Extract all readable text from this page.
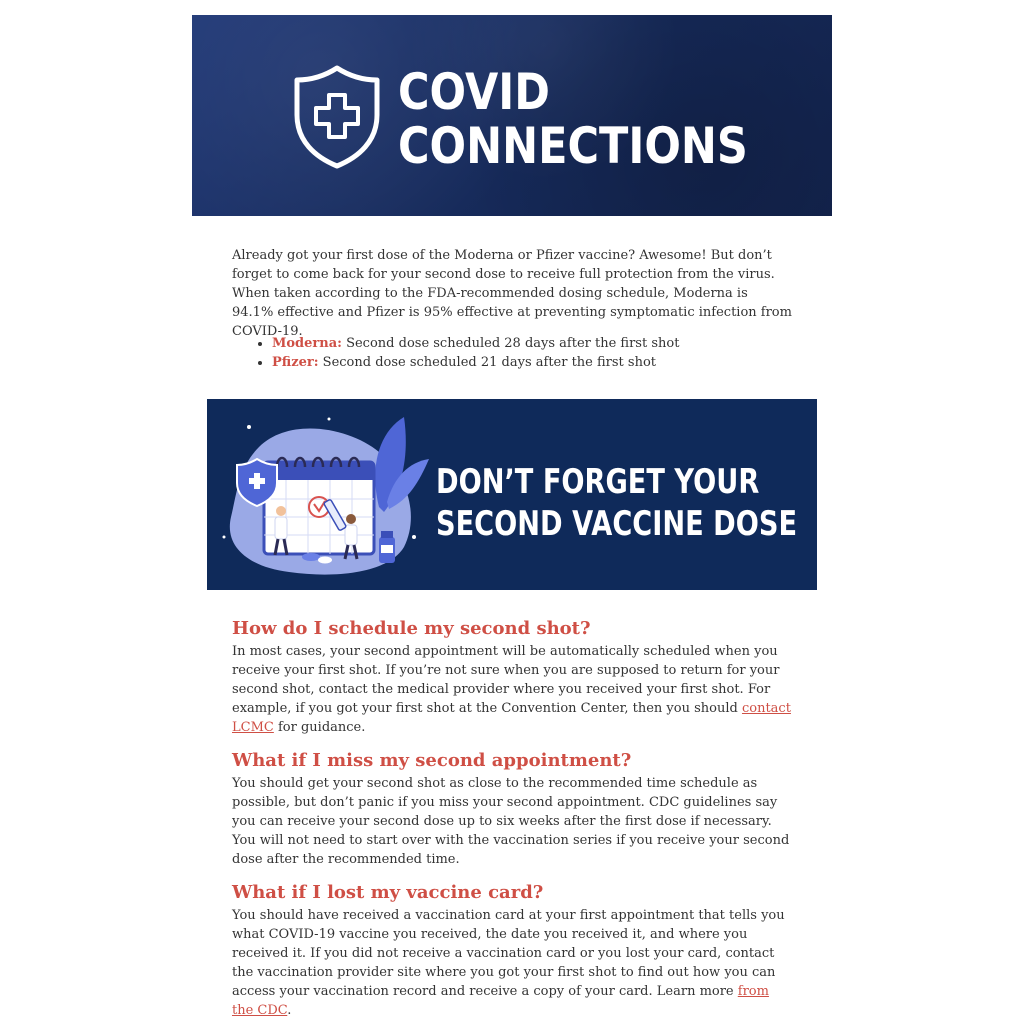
COVID
CONNECTIONS
Already got your first dose of the Moderna or Pfizer vaccine? Awesome! But don’t forget to come back for your second dose to receive full protection from the virus. When taken according to the FDA-recommended dosing schedule, Moderna is 94.1% effective and Pfizer is 95% effective at preventing symptomatic infection from COVID-19.
• Moderna: Second dose scheduled 28 days after the first shot
• Pfizer: Second dose scheduled 21 days after the first shot
DON’T FORGET YOUR
SECOND VACCINE DOSE
How do I schedule my second shot?
In most cases, your second appointment will be automatically scheduled when you receive your first shot. If you’re not sure when you are supposed to return for your second shot, contact the medical provider where you received your first shot. For example, if you got your first shot at the Convention Center, then you should contact LCMC for guidance.
What if I miss my second appointment?
You should get your second shot as close to the recommended time schedule as possible, but don’t panic if you miss your second appointment. CDC guidelines say you can receive your second dose up to six weeks after the first dose if necessary. You will not need to start over with the vaccination series if you receive your second dose after the recommended time.
What if I lost my vaccine card?
You should have received a vaccination card at your first appointment that tells you what COVID-19 vaccine you received, the date you received it, and where you received it. If you did not receive a vaccination card or you lost your card, contact the vaccination provider site where you got your first shot to find out how you can access your vaccination record and receive a copy of your card. Learn more from the CDC.
